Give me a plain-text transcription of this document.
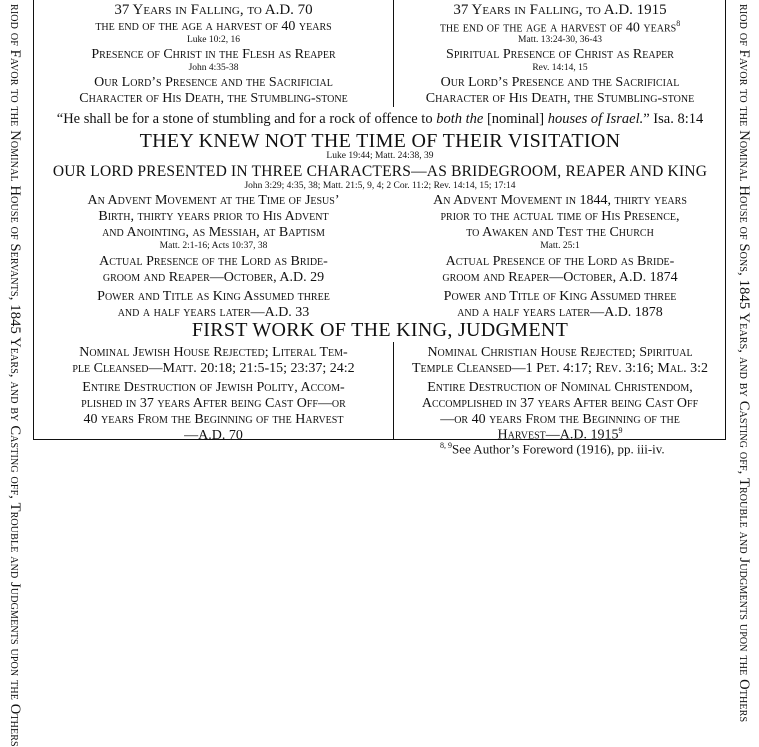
riod of Favor to the Nominal House of Servants, 1845 Years, and by Casting off, Trouble and Judgments upon the Others	riod of Favor to the Nominal House of Sons, 1845 Years, and by Casting off, Trouble and Judgments upon the Others
37 Years in Falling, to A.D. 70
the end of the age a harvest of 40 years
Luke 10:2, 16
Presence of Christ in the Flesh as Reaper
John 4:35-38
Our Lord’s Presence and the Sacrificial
Character of His Death, the Stumbling-stone
37 Years in Falling, to A.D. 1915
the end of the age a harvest of 40 years$^8$
Matt. 13:24-30, 36-43
Spiritual Presence of Christ as Reaper
Rev. 14:14, 15
Our Lord’s Presence and the Sacrificial
Character of His Death, the Stumbling-stone
“He shall be for a stone of stumbling and for a rock of offence to both the [nominal] houses of Israel.” Isa. 8:14
THEY KNEW NOT THE TIME OF THEIR VISITATION
Luke 19:44; Matt. 24:38, 39
OUR LORD PRESENTED IN THREE CHARACTERS—AS BRIDEGROOM, REAPER AND KING
John 3:29; 4:35, 38; Matt. 21:5, 9, 4; 2 Cor. 11:2; Rev. 14:14, 15; 17:14
An Advent Movement at the Time of Jesus’
Birth, thirty years prior to His Advent
and Anointing, as Messiah, at Baptism
Matt. 2:1-16; Acts 10:37, 38
Actual Presence of the Lord as Bride-
groom and Reaper—October, A.D. 29
Power and Title as King Assumed three
and a half years later—A.D. 33
An Advent Movement in 1844, thirty years
prior to the actual time of His Presence,
to Awaken and Test the Church
Matt. 25:1
Actual Presence of the Lord as Bride-
groom and Reaper—October, A.D. 1874
Power and Title of King Assumed three
and a half years later—A.D. 1878
FIRST WORK OF THE KING, JUDGMENT
Nominal Jewish House Rejected; Literal Tem-
ple Cleansed—Matt. 20:18; 21:5-15; 23:37; 24:2
Entire Destruction of Jewish Polity, Accom-
plished in 37 years After being Cast Off—or
40 years From the Beginning of the Harvest
—A.D. 70
Nominal Christian House Rejected; Spiritual
Temple Cleansed—1 Pet. 4:17; Rev. 3:16; Mal. 3:2
Entire Destruction of Nominal Christendom,
Accomplished in 37 years After being Cast Off
—or 40 years From the Beginning of the
Harvest—A.D. 1915$^9$
$^{8, 9}$See Author’s Foreword (1916), pp. iii-iv.
